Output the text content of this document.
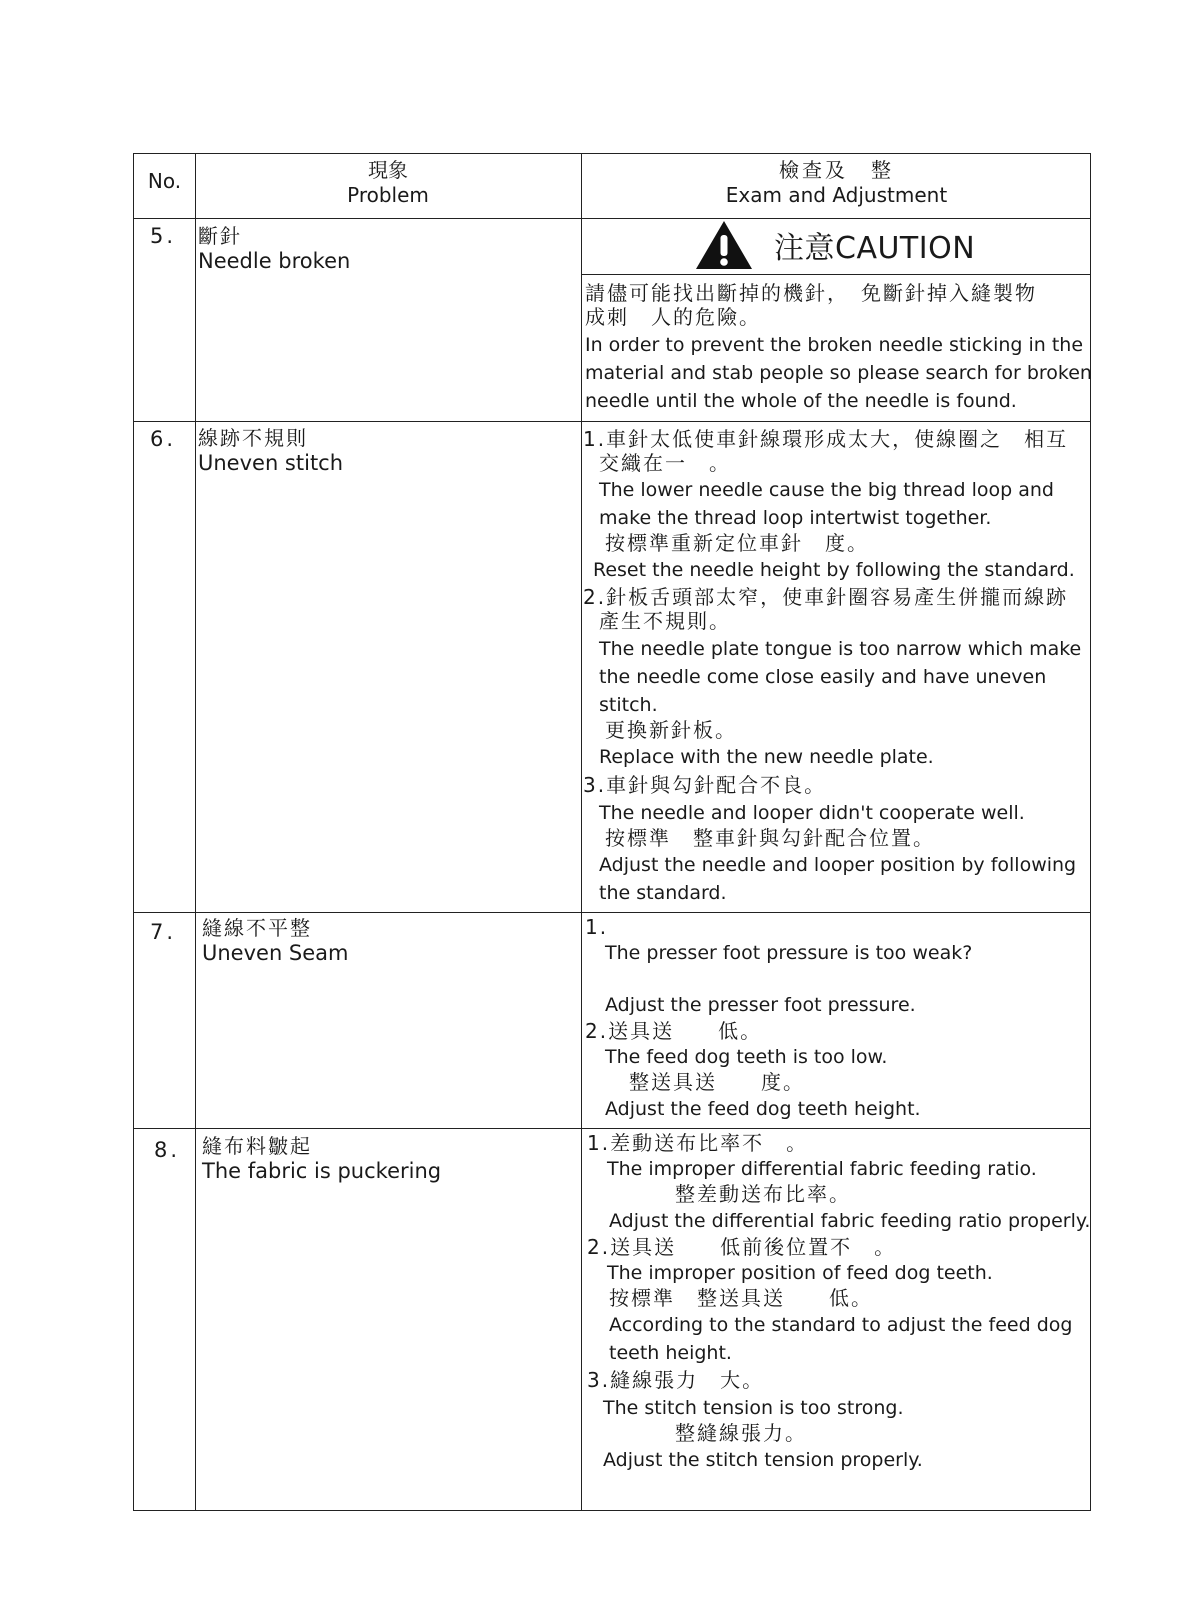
No.	現象
Problem
檢查及　整
Exam and Adjustment
5. 斷針
Needle broken	注意CAUTION
請儘可能找出斷掉的機針，　免斷針掉入縫製物
成刺　人的危險。
In order to prevent the broken needle sticking in the
material and stab people so please search for broken
needle until the whole of the needle is found.
6. 線跡不規則
Uneven stitch
1.車針太低使車針線環形成太大，使線圈之　相互
交織在一　。
The lower needle cause the big thread loop and
make the thread loop intertwist together.
按標準重新定位車針　度。
Reset the needle height by following the standard.
2.針板舌頭部太窄，使車針圈容易產生併攏而線跡
產生不規則。
The needle plate tongue is too narrow which make
the needle come close easily and have uneven
stitch.
更換新針板。
Replace with the new needle plate.
3.車針與勾針配合不良。
The needle and looper didn't cooperate well.
按標準　整車針與勾針配合位置。
Adjust the needle and looper position by following
the standard.
7. 縫線不平整
Uneven Seam
1.
The presser foot pressure is too weak?
Adjust the presser foot pressure.
2.送具送　　低。
The feed dog teeth is too low.
整送具送　　度。
Adjust the feed dog teeth height.
8. 縫布料皺起
The fabric is puckering
1.差動送布比率不　。
The improper differential fabric feeding ratio.
整差動送布比率。
Adjust the differential fabric feeding ratio properly.
2.送具送　　低前後位置不　。
The improper position of feed dog teeth.
按標準　整送具送　　低。
According to the standard to adjust the feed dog
teeth height.
3.縫線張力　大。
The stitch tension is too strong.
整縫線張力。
Adjust the stitch tension properly.
